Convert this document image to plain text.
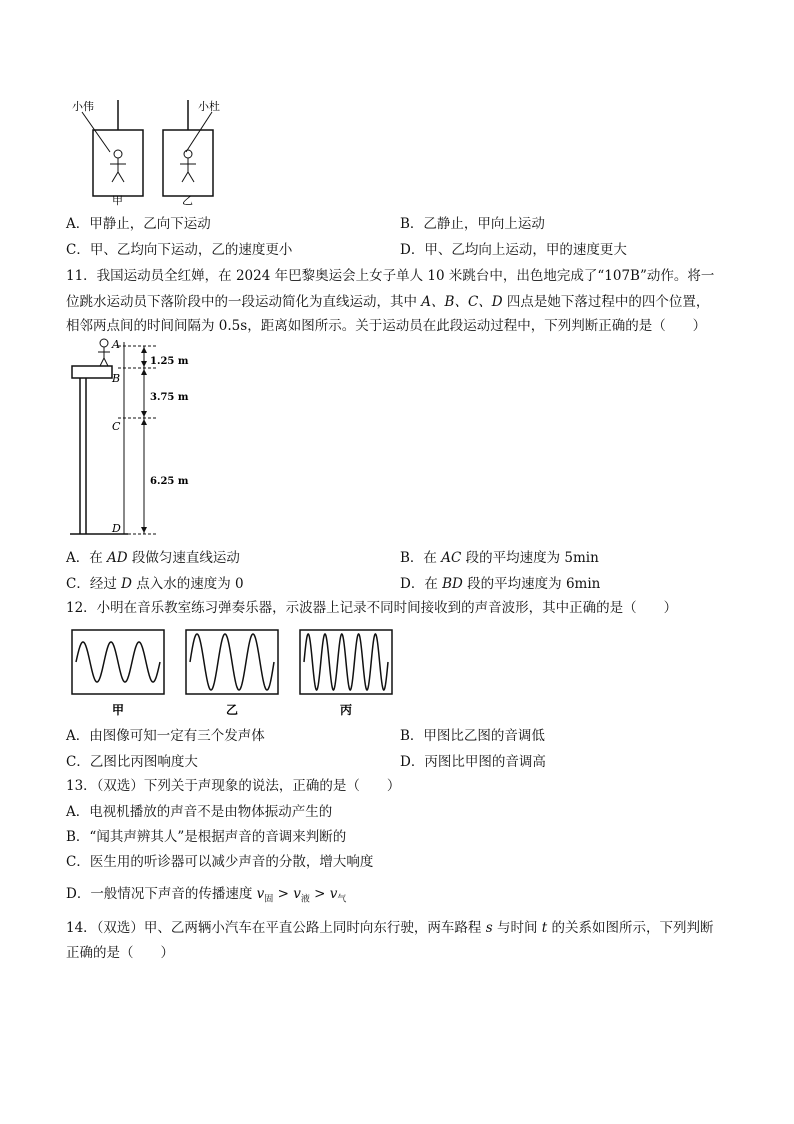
小伟	小杜
甲	乙
A．甲静止，乙向下运动	B．乙静止，甲向上运动
C．甲、乙均向下运动，乙的速度更小	D．甲、乙均向上运动，甲的速度更大
11．我国运动员全红婵，在 2024 年巴黎奥运会上女子单人 10 米跳台中，出色地完成了“107B”动作。将一
位跳水运动员下落阶段中的一段运动简化为直线运动，其中 A、B、C、D 四点是她下落过程中的四个位置，
相邻两点间的时间间隔为 0.5s，距离如图所示。关于运动员在此段运动过程中，下列判断正确的是（　　）
A
B
C
D
1.25 m
3.75 m
6.25 m
A．在 AD 段做匀速直线运动	B．在 AC 段的平均速度为 5min
C．经过 D 点入水的速度为 0	D．在 BD 段的平均速度为 6min
12．小明在音乐教室练习弹奏乐器，示波器上记录不同时间接收到的声音波形，其中正确的是（　　）
甲	乙	丙
A．由图像可知一定有三个发声体	B．甲图比乙图的音调低
C．乙图比丙图响度大	D．丙图比甲图的音调高
13．（双选）下列关于声现象的说法，正确的是（　　）
A．电视机播放的声音不是由物体振动产生的
B．“闻其声辨其人”是根据声音的音调来判断的
C．医生用的听诊器可以减少声音的分散，增大响度
D．一般情况下声音的传播速度 $v_固 > v_液 > v_气$
14．（双选）甲、乙两辆小汽车在平直公路上同时向东行驶，两车路程 s 与时间 t 的关系如图所示，下列判断
正确的是（　　）
